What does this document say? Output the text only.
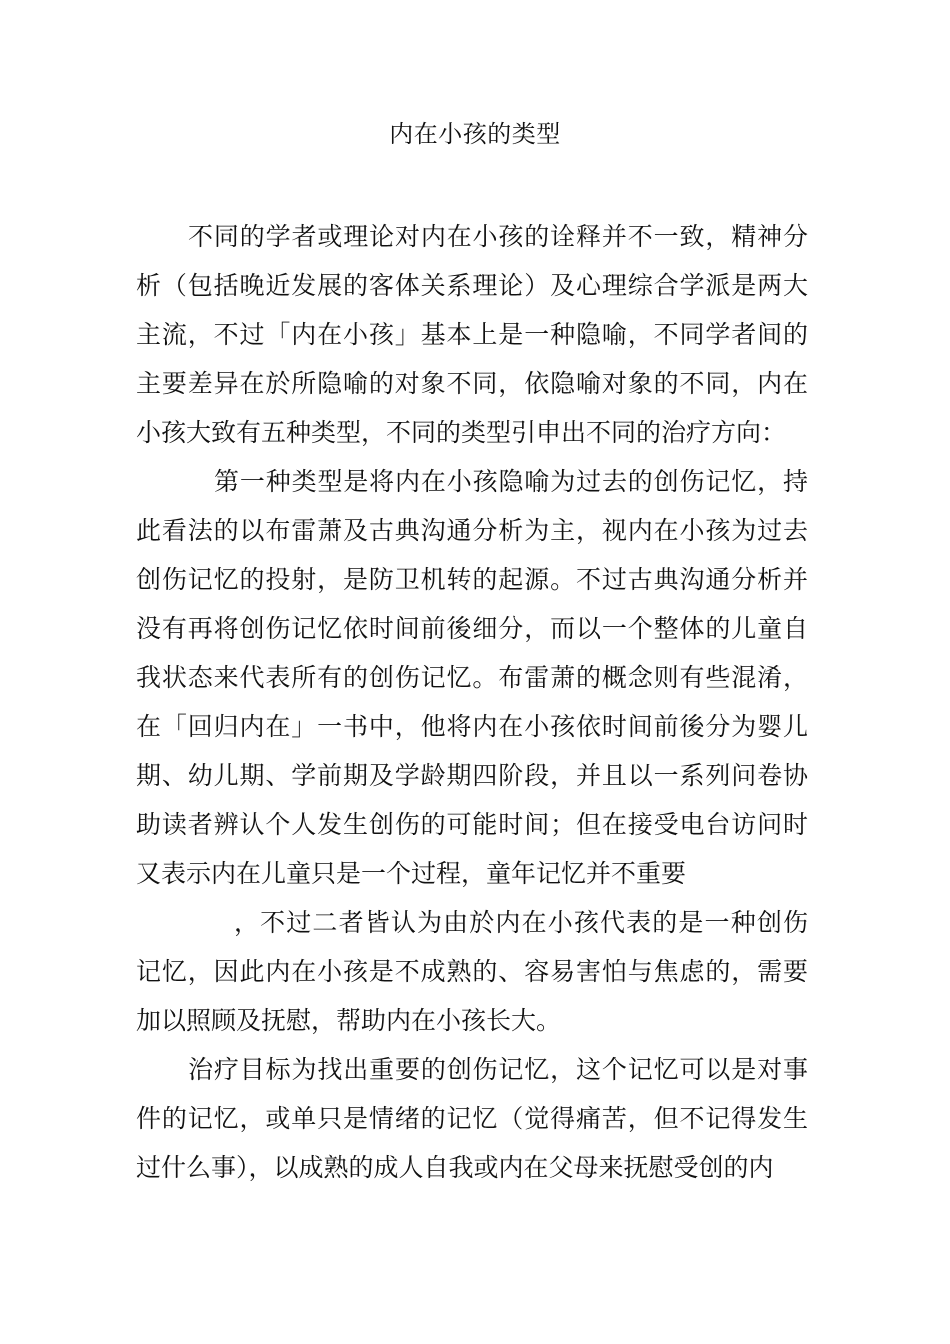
内在小孩的类型

不同的学者或理论对内在小孩的诠释并不一致，精神分析（包括晚近发展的客体关系理论）及心理综合学派是两大主流，不过「内在小孩」基本上是一种隐喻，不同学者间的主要差异在於所隐喻的对象不同，依隐喻对象的不同，内在小孩大致有五种类型，不同的类型引申出不同的治疗方向：

第一种类型是将内在小孩隐喻为过去的创伤记忆，持此看法的以布雷萧及古典沟通分析为主，视内在小孩为过去创伤记忆的投射，是防卫机转的起源。不过古典沟通分析并没有再将创伤记忆依时间前後细分，而以一个整体的儿童自我状态来代表所有的创伤记忆。布雷萧的概念则有些混淆，在「回归内在」一书中，他将内在小孩依时间前後分为婴儿期、幼儿期、学前期及学龄期四阶段，并且以一系列问卷协助读者辨认个人发生创伤的可能时间；但在接受电台访问时又表示内在儿童只是一个过程，童年记忆并不重要

，不过二者皆认为由於内在小孩代表的是一种创伤记忆，因此内在小孩是不成熟的、容易害怕与焦虑的，需要加以照顾及抚慰，帮助内在小孩长大。

治疗目标为找出重要的创伤记忆，这个记忆可以是对事件的记忆，或单只是情绪的记忆（觉得痛苦，但不记得发生过什么事），以成熟的成人自我或内在父母来抚慰受创的内
